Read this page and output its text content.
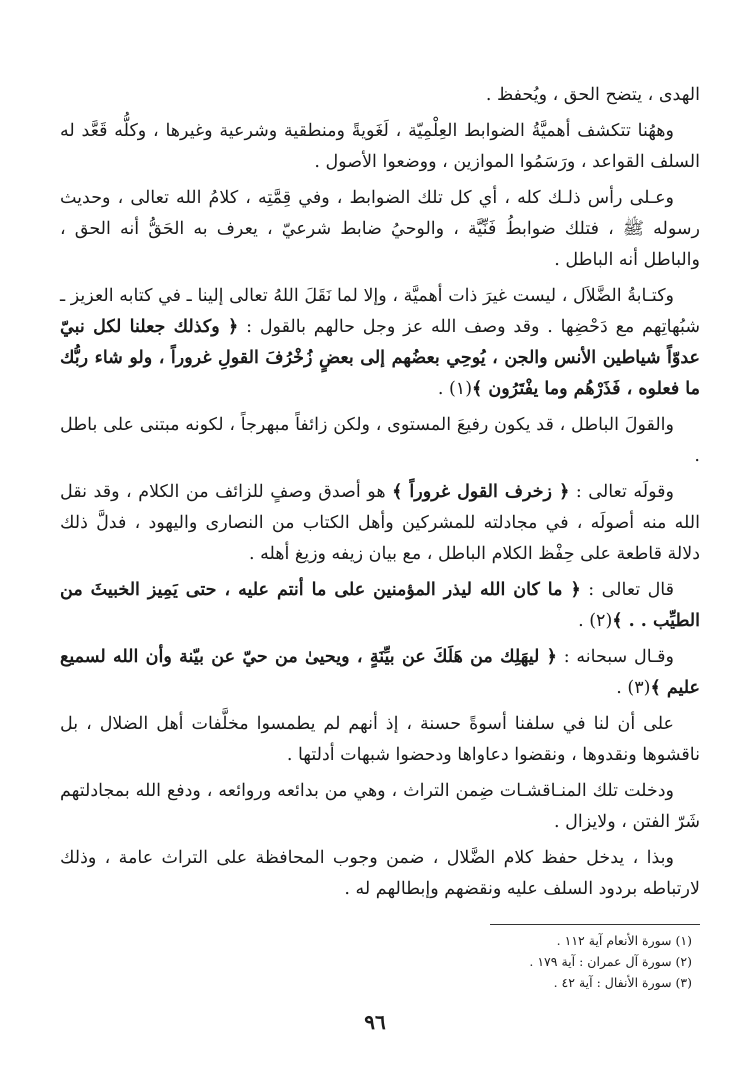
الهدى ، يتضح الحق ، ويُحفظ .

وههُنا تتكشف أهميَّةُ الضوابط العِلْمِيّة ، لَغَويةً ومنطقية وشرعية وغيرها ، وكلُّه قَعَّد له السلف القواعد ، ورَسَمُوا الموازين ، ووضعوا الأصول .

وعـلى رأس ذلـك كله ، أي كل تلك الضوابط ، وفي قِمَّتِه ، كلامُ الله تعالى ، وحديث رسوله ﷺ ، فتلك ضوابطُ فَنِّيَّة ، والوحيُ ضابط شرعيّ ، يعرف به الحَقُّ أنه الحق ، والباطل أنه الباطل .

وكتـابةُ الضَّلاَل ، ليست غيرَ ذات أهميَّة ، وإلا لما نَقَلَ اللهُ تعالى إلينا ـ في كتابه العزيز ـ شبُهاتِهم مع دَحْضِها . وقد وصف الله عز وجل حالهم بالقول : ﴿ وكذلك جعلنا لكل نبيّ عدوّاً شياطين الأنس والجن ، يُوحِي بعضُهم إلى بعضٍ زُخْرُفَ القولِ غروراً ، ولو شاء ربُّك ما فعلوه ، فَذَرْهُم وما يفْتَرُون ﴾(١) .

والقولَ الباطل ، قد يكون رفيعَ المستوى ، ولكن زائفاً مبهرجاً ، لكونه مبتنى على باطل .

وقولَه تعالى : ﴿ زخرف القول غروراً ﴾ هو أصدق وصفٍ للزائف من الكلام ، وقد نقل الله منه أصولَه ، في مجادلته للمشركين وأهل الكتاب من النصارى واليهود ، فدلَّ ذلك دلالة قاطعة على حِفْظ الكلام الباطل ، مع بيان زيفه وزيغ أهله .

قال تعالى : ﴿ ما كان الله ليذر المؤمنين على ما أنتم عليه ، حتى يَمِيز الخبيثَ من الطيِّب . . ﴾(٢) .

وقـال سبحانه : ﴿ ليهَلِك من هَلَكَ عن بيِّنَةٍ ، ويحيىٰ من حيّ عن بيّنة وأن الله لسميع عليم ﴾(٣) .

على أن لنا في سلفنا أسوةً حسنة ، إذ أنهم لم يطمسوا مخلَّفات أهل الضلال ، بل ناقشوها ونقدوها ، ونقضوا دعاواها ودحضوا شبهات أدلتها .

ودخلت تلك المنـاقشـات ضِمن التراث ، وهي من بدائعه وروائعه ، ودفع الله بمجادلتهم شَرّ الفتن ، ولايزال .

وبذا ، يدخل حفظ كلام الضَّلال ، ضمن وجوب المحافظة على التراث عامة ، وذلك لارتباطه بردود السلف عليه ونقضهم وإبطالهم له .

(١) سورة الأنعام آية ١١٢ .

(٢) سورة آل عمران : آية ١٧٩ .

(٣) سورة الأنفال : آية ٤٢ .

٩٦
